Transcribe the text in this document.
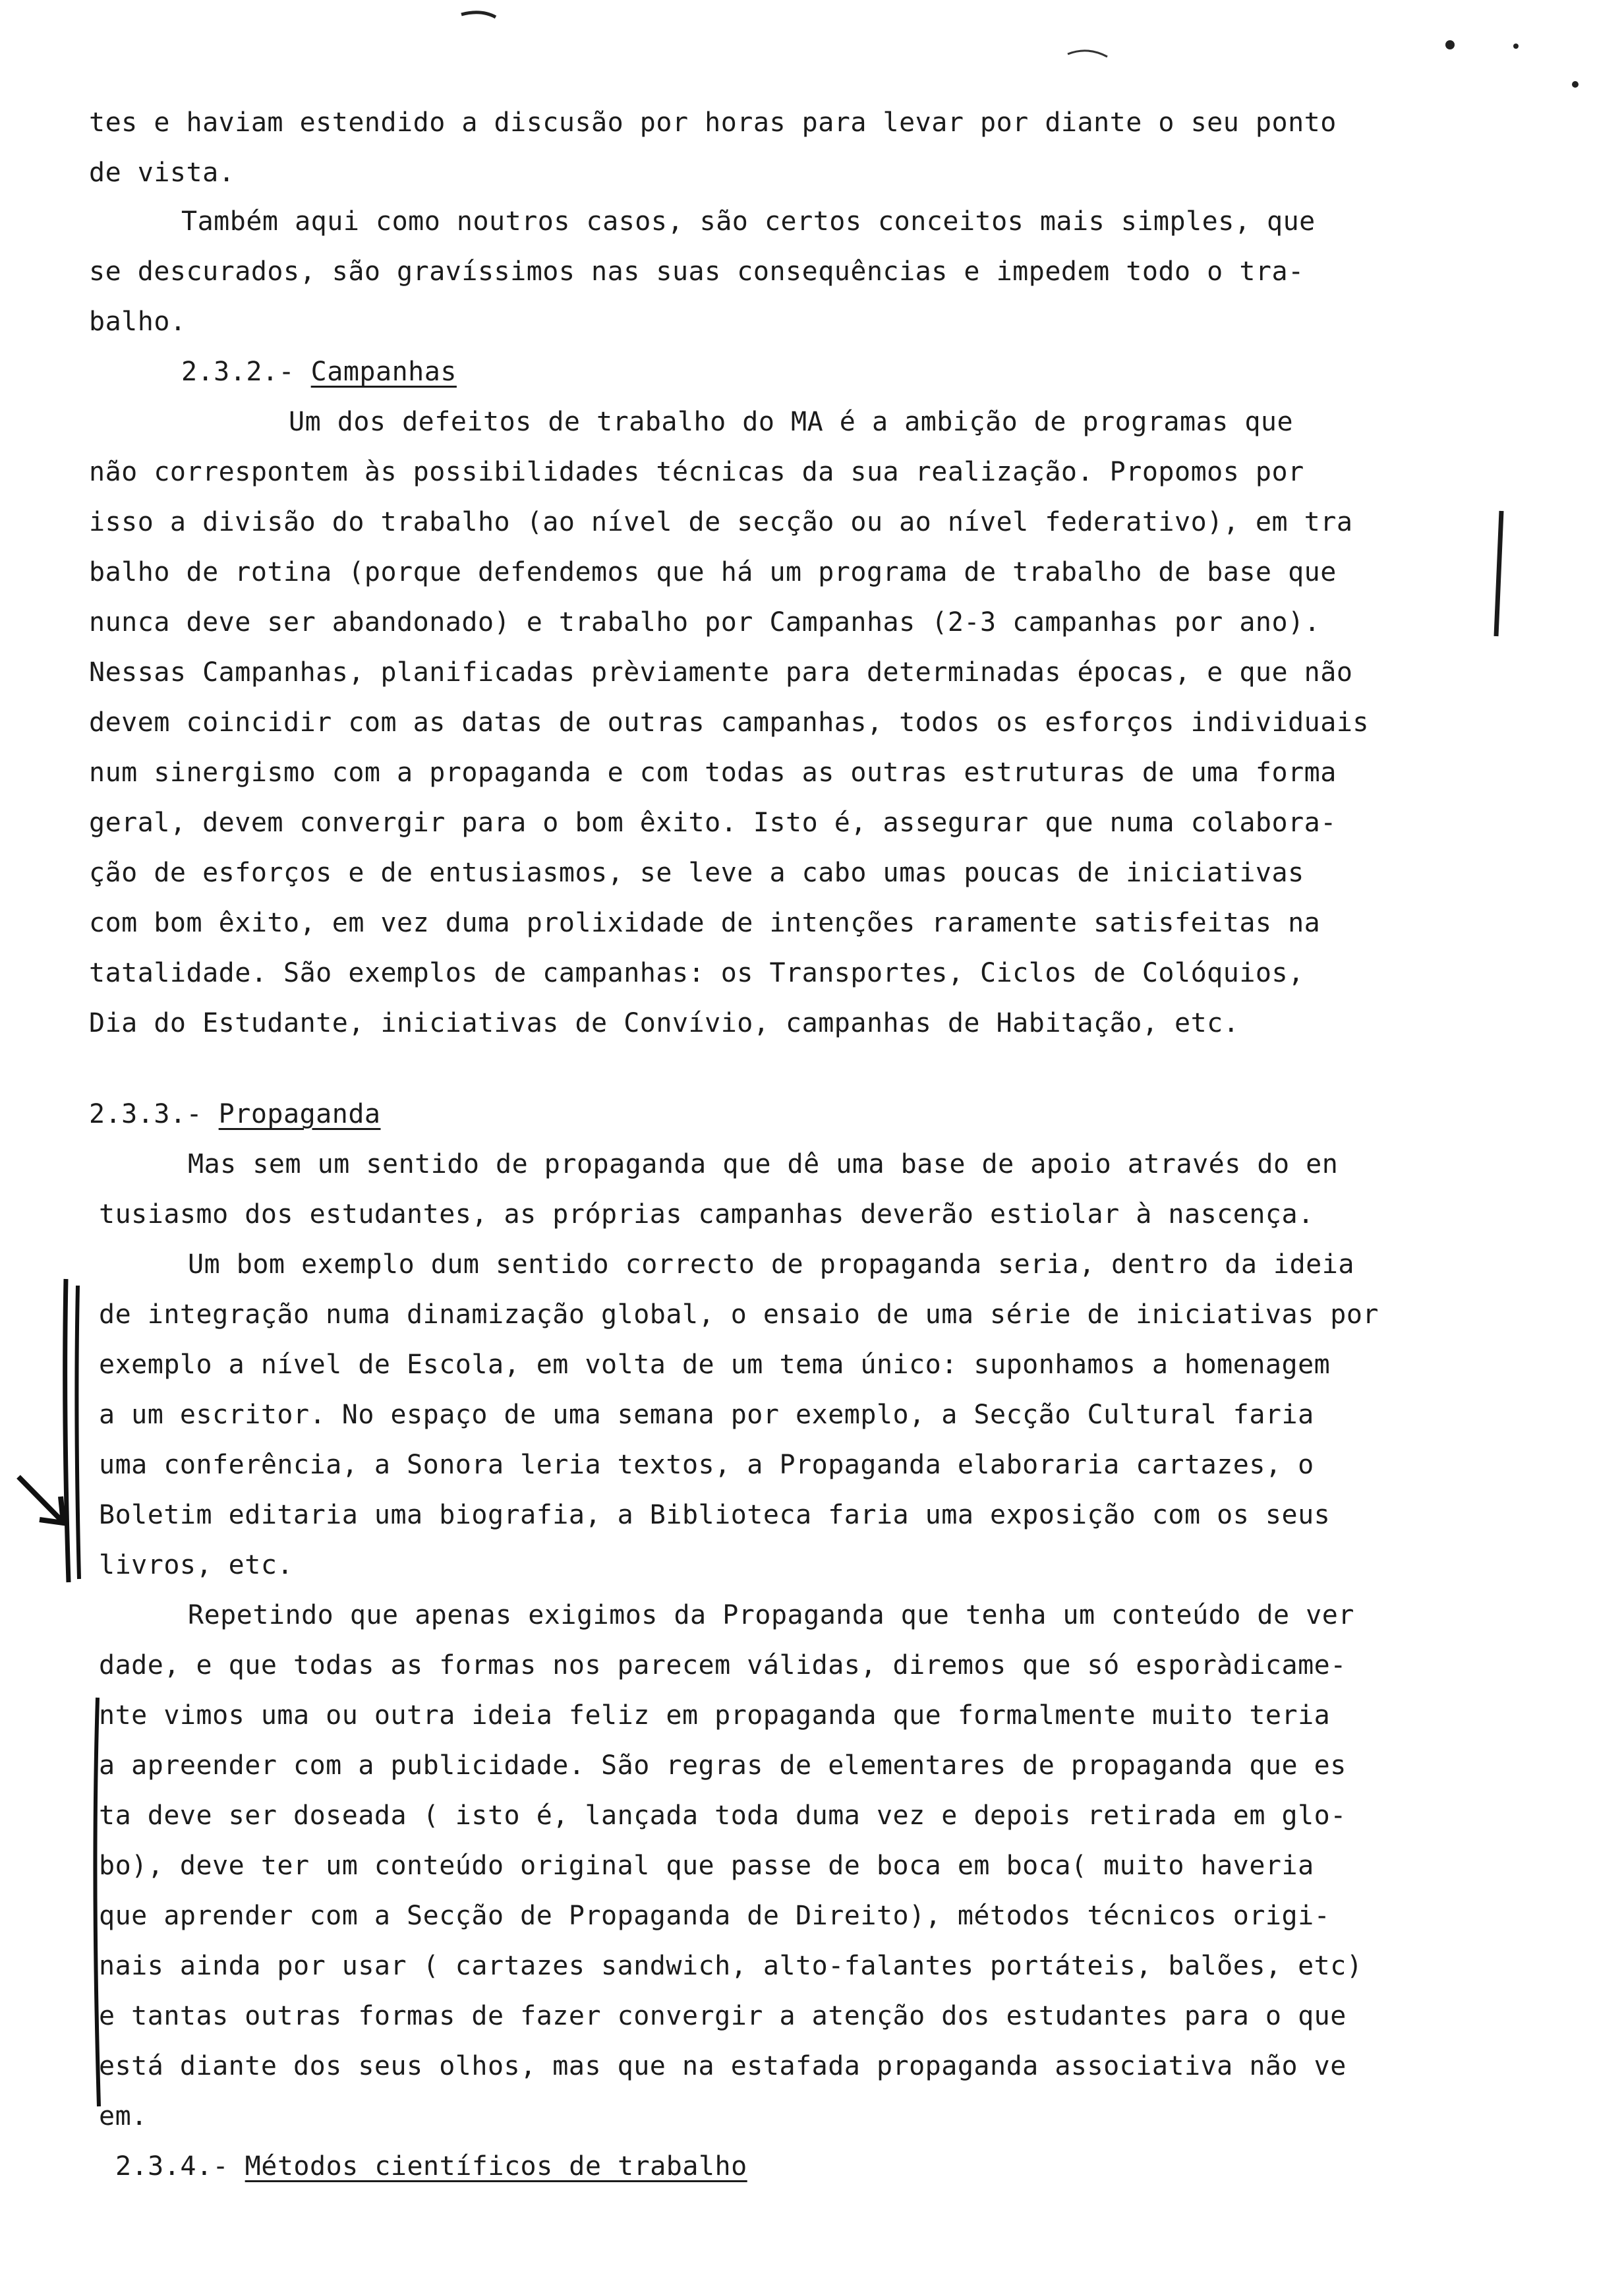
tes e haviam estendido a discusão por horas para levar por diante o seu ponto
de vista.
Também aqui como noutros casos, são certos conceitos mais simples, que
se descurados, são gravíssimos nas suas consequências e impedem todo o tra-
balho.
2.3.2.- Campanhas
Um dos defeitos de trabalho do MA é a ambição de programas que
não correspontem às possibilidades técnicas da sua realização. Propomos por
isso a divisão do trabalho (ao nível de secção ou ao nível federativo), em tra
balho de rotina (porque defendemos que há um programa de trabalho de base que
nunca deve ser abandonado) e trabalho por Campanhas (2-3 campanhas por ano).
Nessas Campanhas, planificadas prèviamente para determinadas épocas, e que não
devem coincidir com as datas de outras campanhas, todos os esforços individuais
num sinergismo com a propaganda e com todas as outras estruturas de uma forma
geral, devem convergir para o bom êxito. Isto é, assegurar que numa colabora-
ção de esforços e de entusiasmos, se leve a cabo umas poucas de iniciativas
com bom êxito, em vez duma prolixidade de intenções raramente satisfeitas na
tatalidade. São exemplos de campanhas: os Transportes, Ciclos de Colóquios,
Dia do Estudante, iniciativas de Convívio, campanhas de Habitação, etc.
2.3.3.- Propaganda
Mas sem um sentido de propaganda que dê uma base de apoio através do en
tusiasmo dos estudantes, as próprias campanhas deverão estiolar à nascença.
Um bom exemplo dum sentido correcto de propaganda seria, dentro da ideia
de integração numa dinamização global, o ensaio de uma série de iniciativas por
exemplo a nível de Escola, em volta de um tema único: suponhamos a homenagem
a um escritor. No espaço de uma semana por exemplo, a Secção Cultural faria
uma conferência, a Sonora leria textos, a Propaganda elaboraria cartazes, o
Boletim editaria uma biografia, a Biblioteca faria uma exposição com os seus
livros, etc.
Repetindo que apenas exigimos da Propaganda que tenha um conteúdo de ver
dade, e que todas as formas nos parecem válidas, diremos que só esporàdicame-
nte vimos uma ou outra ideia feliz em propaganda que formalmente muito teria
a apreender com a publicidade. São regras de elementares de propaganda que es
ta deve ser doseada ( isto é, lançada toda duma vez e depois retirada em glo-
bo), deve ter um conteúdo original que passe de boca em boca( muito haveria
que aprender com a Secção de Propaganda de Direito), métodos técnicos origi-
nais ainda por usar ( cartazes sandwich, alto-falantes portáteis, balões, etc)
e tantas outras formas de fazer convergir a atenção dos estudantes para o que
está diante dos seus olhos, mas que na estafada propaganda associativa não ve
em.
2.3.4.- Métodos científicos de trabalho
